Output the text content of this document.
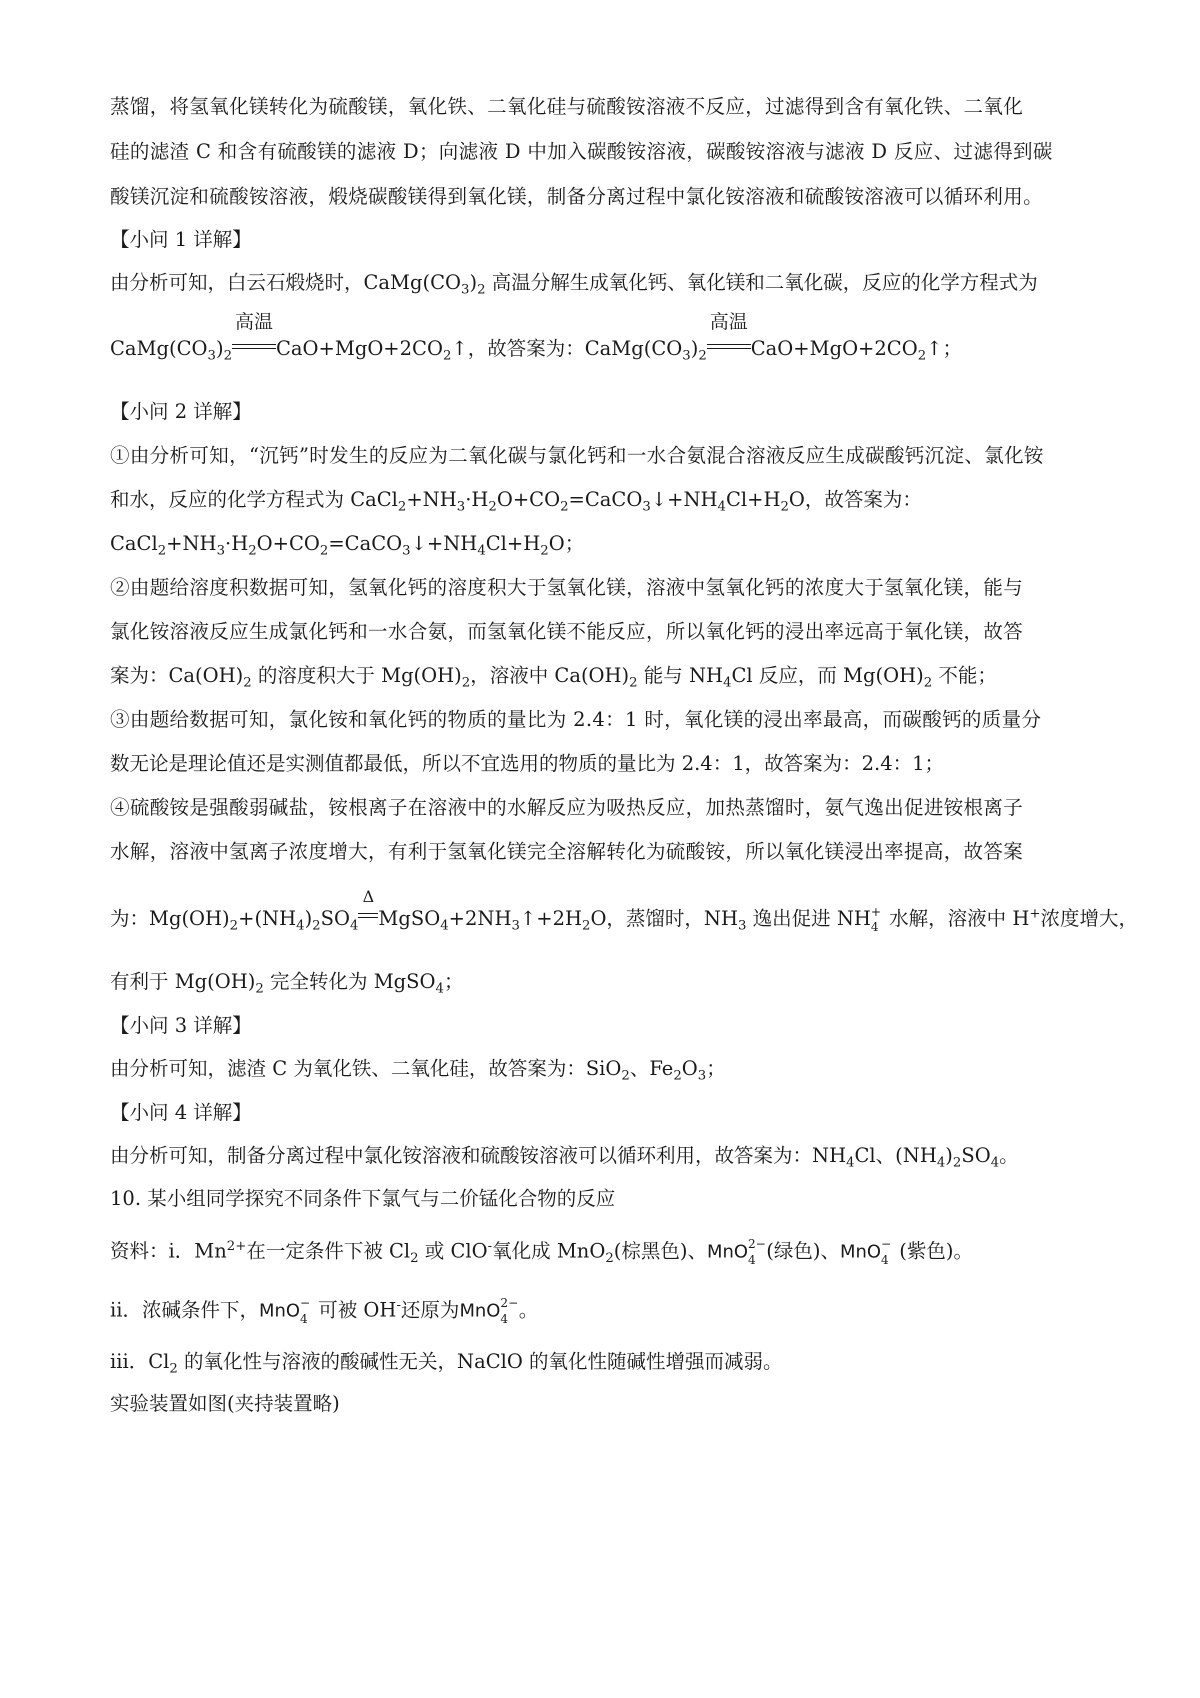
蒸馏，将氢氧化镁转化为硫酸镁，氧化铁、二氧化硅与硫酸铵溶液不反应，过滤得到含有氧化铁、二氧化
硅的滤渣 C 和含有硫酸镁的滤液 D；向滤液 D 中加入碳酸铵溶液，碳酸铵溶液与滤液 D 反应、过滤得到碳
酸镁沉淀和硫酸铵溶液，煅烧碳酸镁得到氧化镁，制备分离过程中氯化铵溶液和硫酸铵溶液可以循环利用。
【小问 1 详解】
由分析可知，白云石煅烧时，$CaMg(CO_3)_2$ 高温分解生成氧化钙、氧化镁和二氧化碳，反应的化学方程式为
$CaMg(CO_3)_2$
高温
$CaO+MgO+2CO_2↑$，故答案为：$CaMg(CO_3)_2$
高温
$CaO+MgO+2CO_2↑$；
【小问 2 详解】
①由分析可知，“沉钙”时发生的反应为二氧化碳与氯化钙和一水合氨混合溶液反应生成碳酸钙沉淀、氯化铵
和水，反应的化学方程式为 $CaCl_2+NH_3\cdot H_2O+CO_2=CaCO_3↓+NH_4Cl+H_2O$，故答案为：
$CaCl_2+NH_3\cdot H_2O+CO_2=CaCO_3↓+NH_4Cl+H_2O$；
②由题给溶度积数据可知，氢氧化钙的溶度积大于氢氧化镁，溶液中氢氧化钙的浓度大于氢氧化镁，能与
氯化铵溶液反应生成氯化钙和一水合氨，而氢氧化镁不能反应，所以氧化钙的浸出率远高于氧化镁，故答
案为：$Ca(OH)_2$ 的溶度积大于 $Mg(OH)_2$，溶液中 $Ca(OH)_2$ 能与 $NH_4Cl$ 反应，而 $Mg(OH)_2$ 不能；
③由题给数据可知，氯化铵和氧化钙的物质的量比为 2.4：1 时，氧化镁的浸出率最高，而碳酸钙的质量分
数无论是理论值还是实测值都最低，所以不宜选用的物质的量比为 2.4：1，故答案为：2.4：1；
④硫酸铵是强酸弱碱盐，铵根离子在溶液中的水解反应为吸热反应，加热蒸馏时，氨气逸出促进铵根离子
水解，溶液中氢离子浓度增大，有利于氢氧化镁完全溶解转化为硫酸铵，所以氧化镁浸出率提高，故答案
为：$Mg(OH)_2+(NH_4)_2SO_4$
Δ
$MgSO_4+2NH_3↑+2H_2O$，蒸馏时，$NH_3$ 逸出促进 NH +
4 水解，溶液中 H+浓度增大，
有利于 $Mg(OH)_2$ 完全转化为 MgSO$_4$；
【小问 3 详解】
由分析可知，滤渣 C 为氧化铁、二氧化硅，故答案为：SiO$_2$、$Fe_2O_3$；
【小问 4 详解】
由分析可知，制备分离过程中氯化铵溶液和硫酸铵溶液可以循环利用，故答案为：$NH_4Cl$、$(NH_4)_2SO_4$。
10. 某小组同学探究不同条件下氯气与二价锰化合物的反应
资料：i．$Mn^{2+}$在一定条件下被 $Cl_2$ 或 ClO-氧化成 MnO$_2$(棕黑色)、MnO 2−
4 (绿色)、MnO −
4 (紫色)。
ii．浓碱条件下，MnO −
4 可被 OH-还原为MnO 2−
4 。
iii．$Cl_2$ 的氧化性与溶液的酸碱性无关，NaClO 的氧化性随碱性增强而减弱。
实验装置如图(夹持装置略)
